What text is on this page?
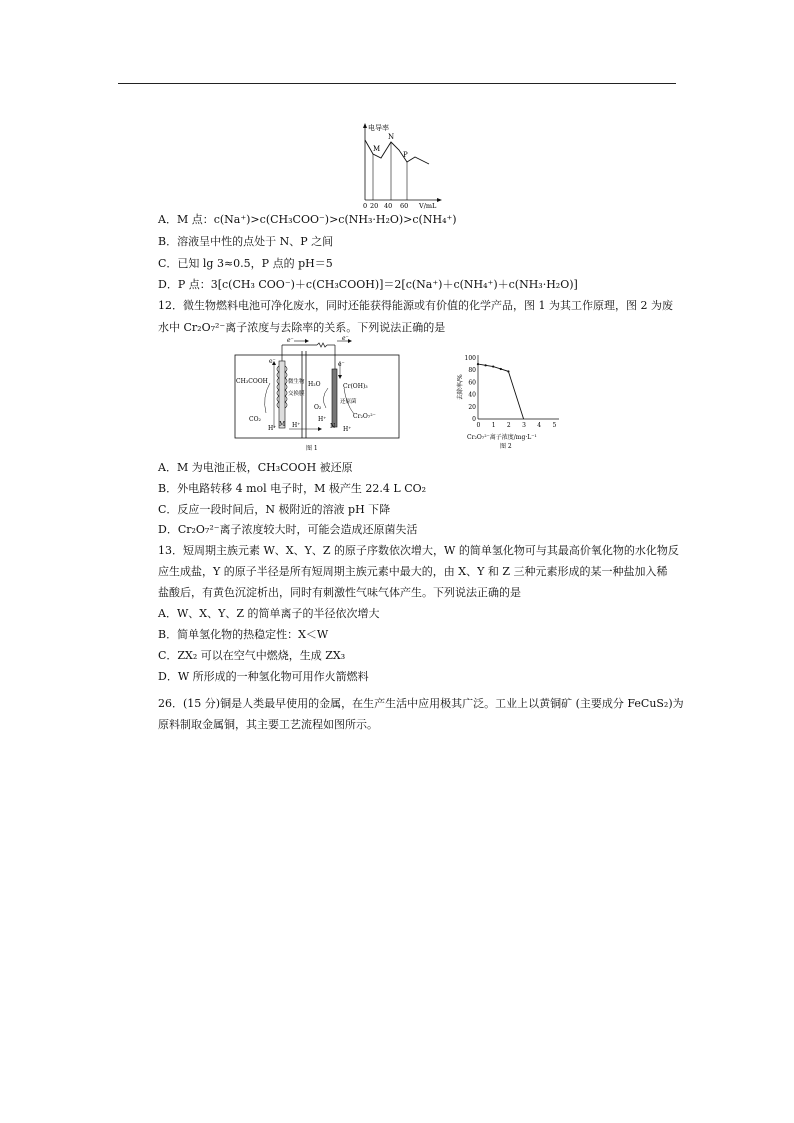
电导率
M
N
P
0 20 40 60 V/mL
A．M 点：c(Na⁺)>c(CH₃COO⁻)>c(NH₃·H₂O)>c(NH₄⁺)
B．溶液呈中性的点处于 N、P 之间
C．已知 lg 3≈0.5，P 点的 pH＝5
D．P 点：3[c(CH₃ COO⁻)＋c(CH₃COOH)]＝2[c(Na⁺)＋c(NH₄⁺)＋c(NH₃·H₂O)]
12．微生物燃料电池可净化废水，同时还能获得能源或有价值的化学产品，图 1 为其工作原理，图 2 为废
水中 Cr₂O₇²⁻离子浓度与去除率的关系。下列说法正确的是
e⁻	e⁻
e⁻	e⁻
CH₃COOH	微生物
交换膜
CO₂
H⁺
M H⁺
H₂O
O₂
H⁺
N
Cr(OH)₃
还原菌
Cr₂O₇²⁻
H⁺
图 1
100
80
60
40
20
0
0 1 2 3 4 5
去除率/%
Cr₂O₇²⁻离子浓度/mg·L⁻¹
图 2
A．M 为电池正极，CH₃COOH 被还原
B．外电路转移 4 mol 电子时，M 极产生 22.4 L CO₂
C．反应一段时间后，N 极附近的溶液 pH 下降
D．Cr₂O₇²⁻离子浓度较大时，可能会造成还原菌失活
13．短周期主族元素 W、X、Y、Z 的原子序数依次增大，W 的简单氢化物可与其最高价氧化物的水化物反
应生成盐，Y 的原子半径是所有短周期主族元素中最大的，由 X、Y 和 Z 三种元素形成的某一种盐加入稀
盐酸后，有黄色沉淀析出，同时有刺激性气味气体产生。下列说法正确的是
A．W、X、Y、Z 的简单离子的半径依次增大
B．简单氢化物的热稳定性：X＜W
C．ZX₂ 可以在空气中燃烧，生成 ZX₃
D．W 所形成的一种氢化物可用作火箭燃料
26．(15 分)铜是人类最早使用的金属，在生产生活中应用极其广泛。工业上以黄铜矿 (主要成分 FeCuS₂)为
原料制取金属铜，其主要工艺流程如图所示。
